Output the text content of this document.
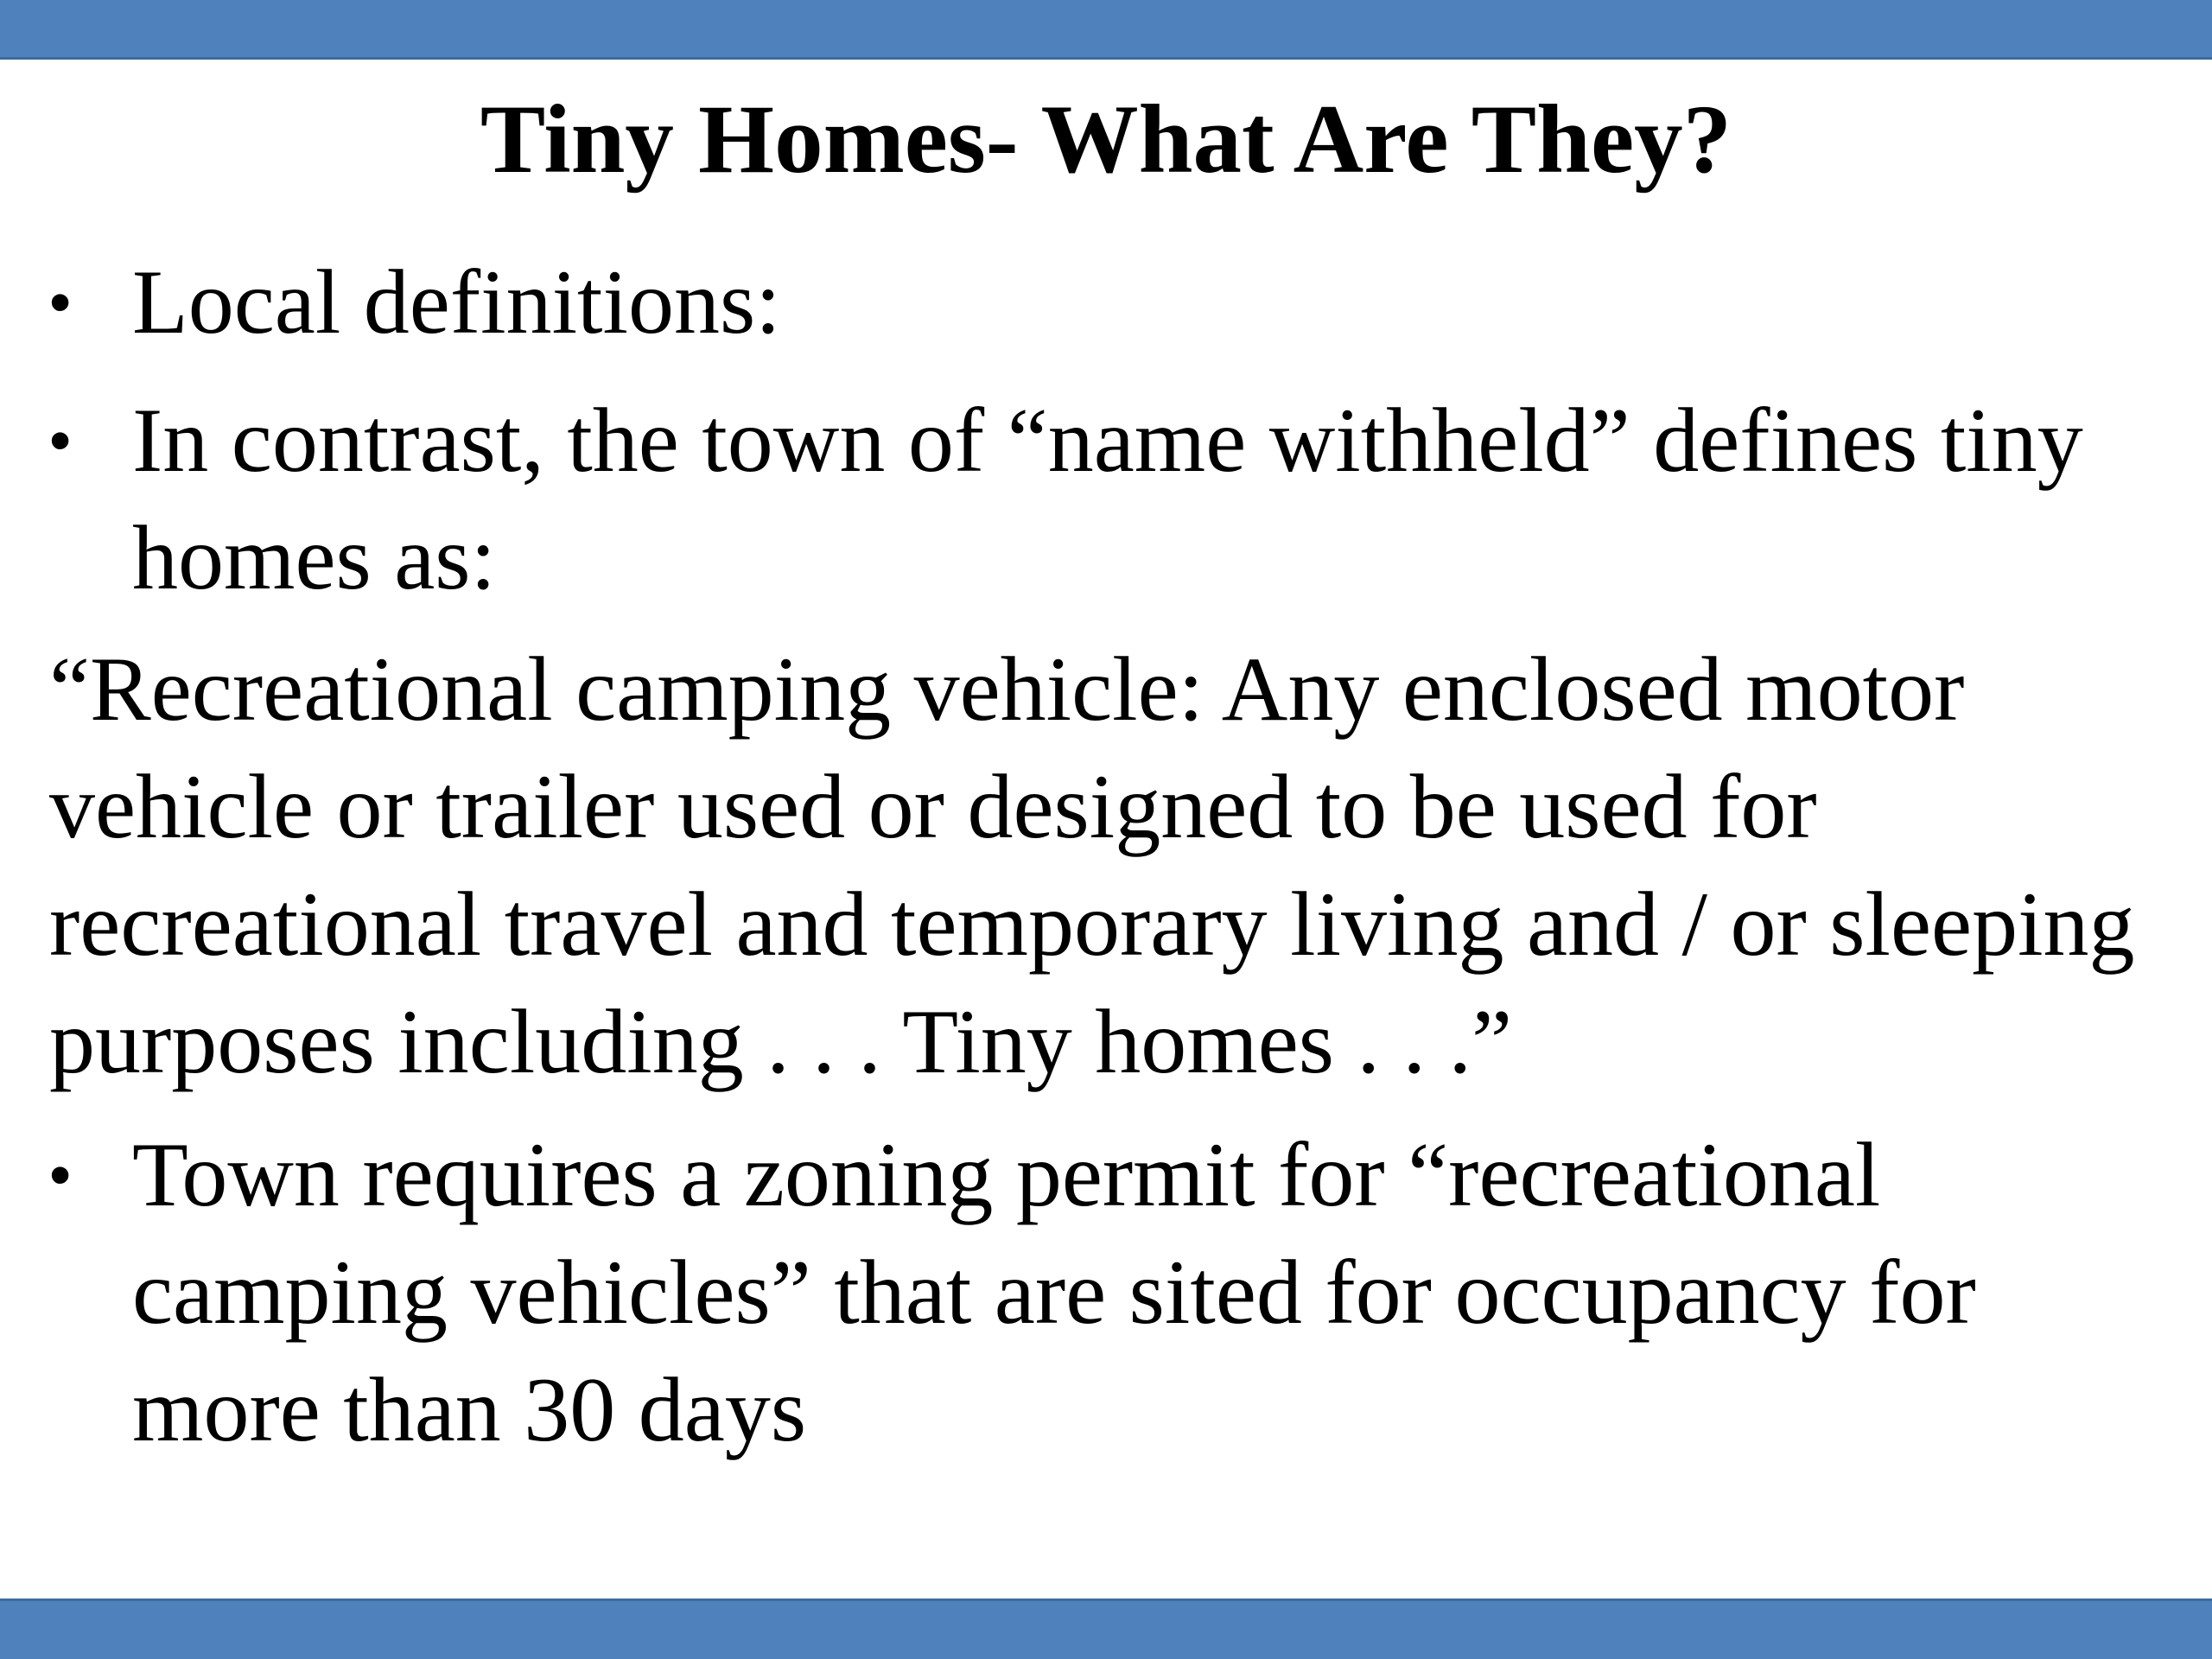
Tiny Homes- What Are They?
• Local definitions:
• In contrast, the town of “name withheld” defines tiny homes as:
“Recreational camping vehicle: Any enclosed motor vehicle or trailer used or designed to be used for recreational travel and temporary living and / or sleeping purposes including . . . Tiny homes . . .”
• Town requires a zoning permit for “recreational camping vehicles” that are sited for occupancy for more than 30 days
